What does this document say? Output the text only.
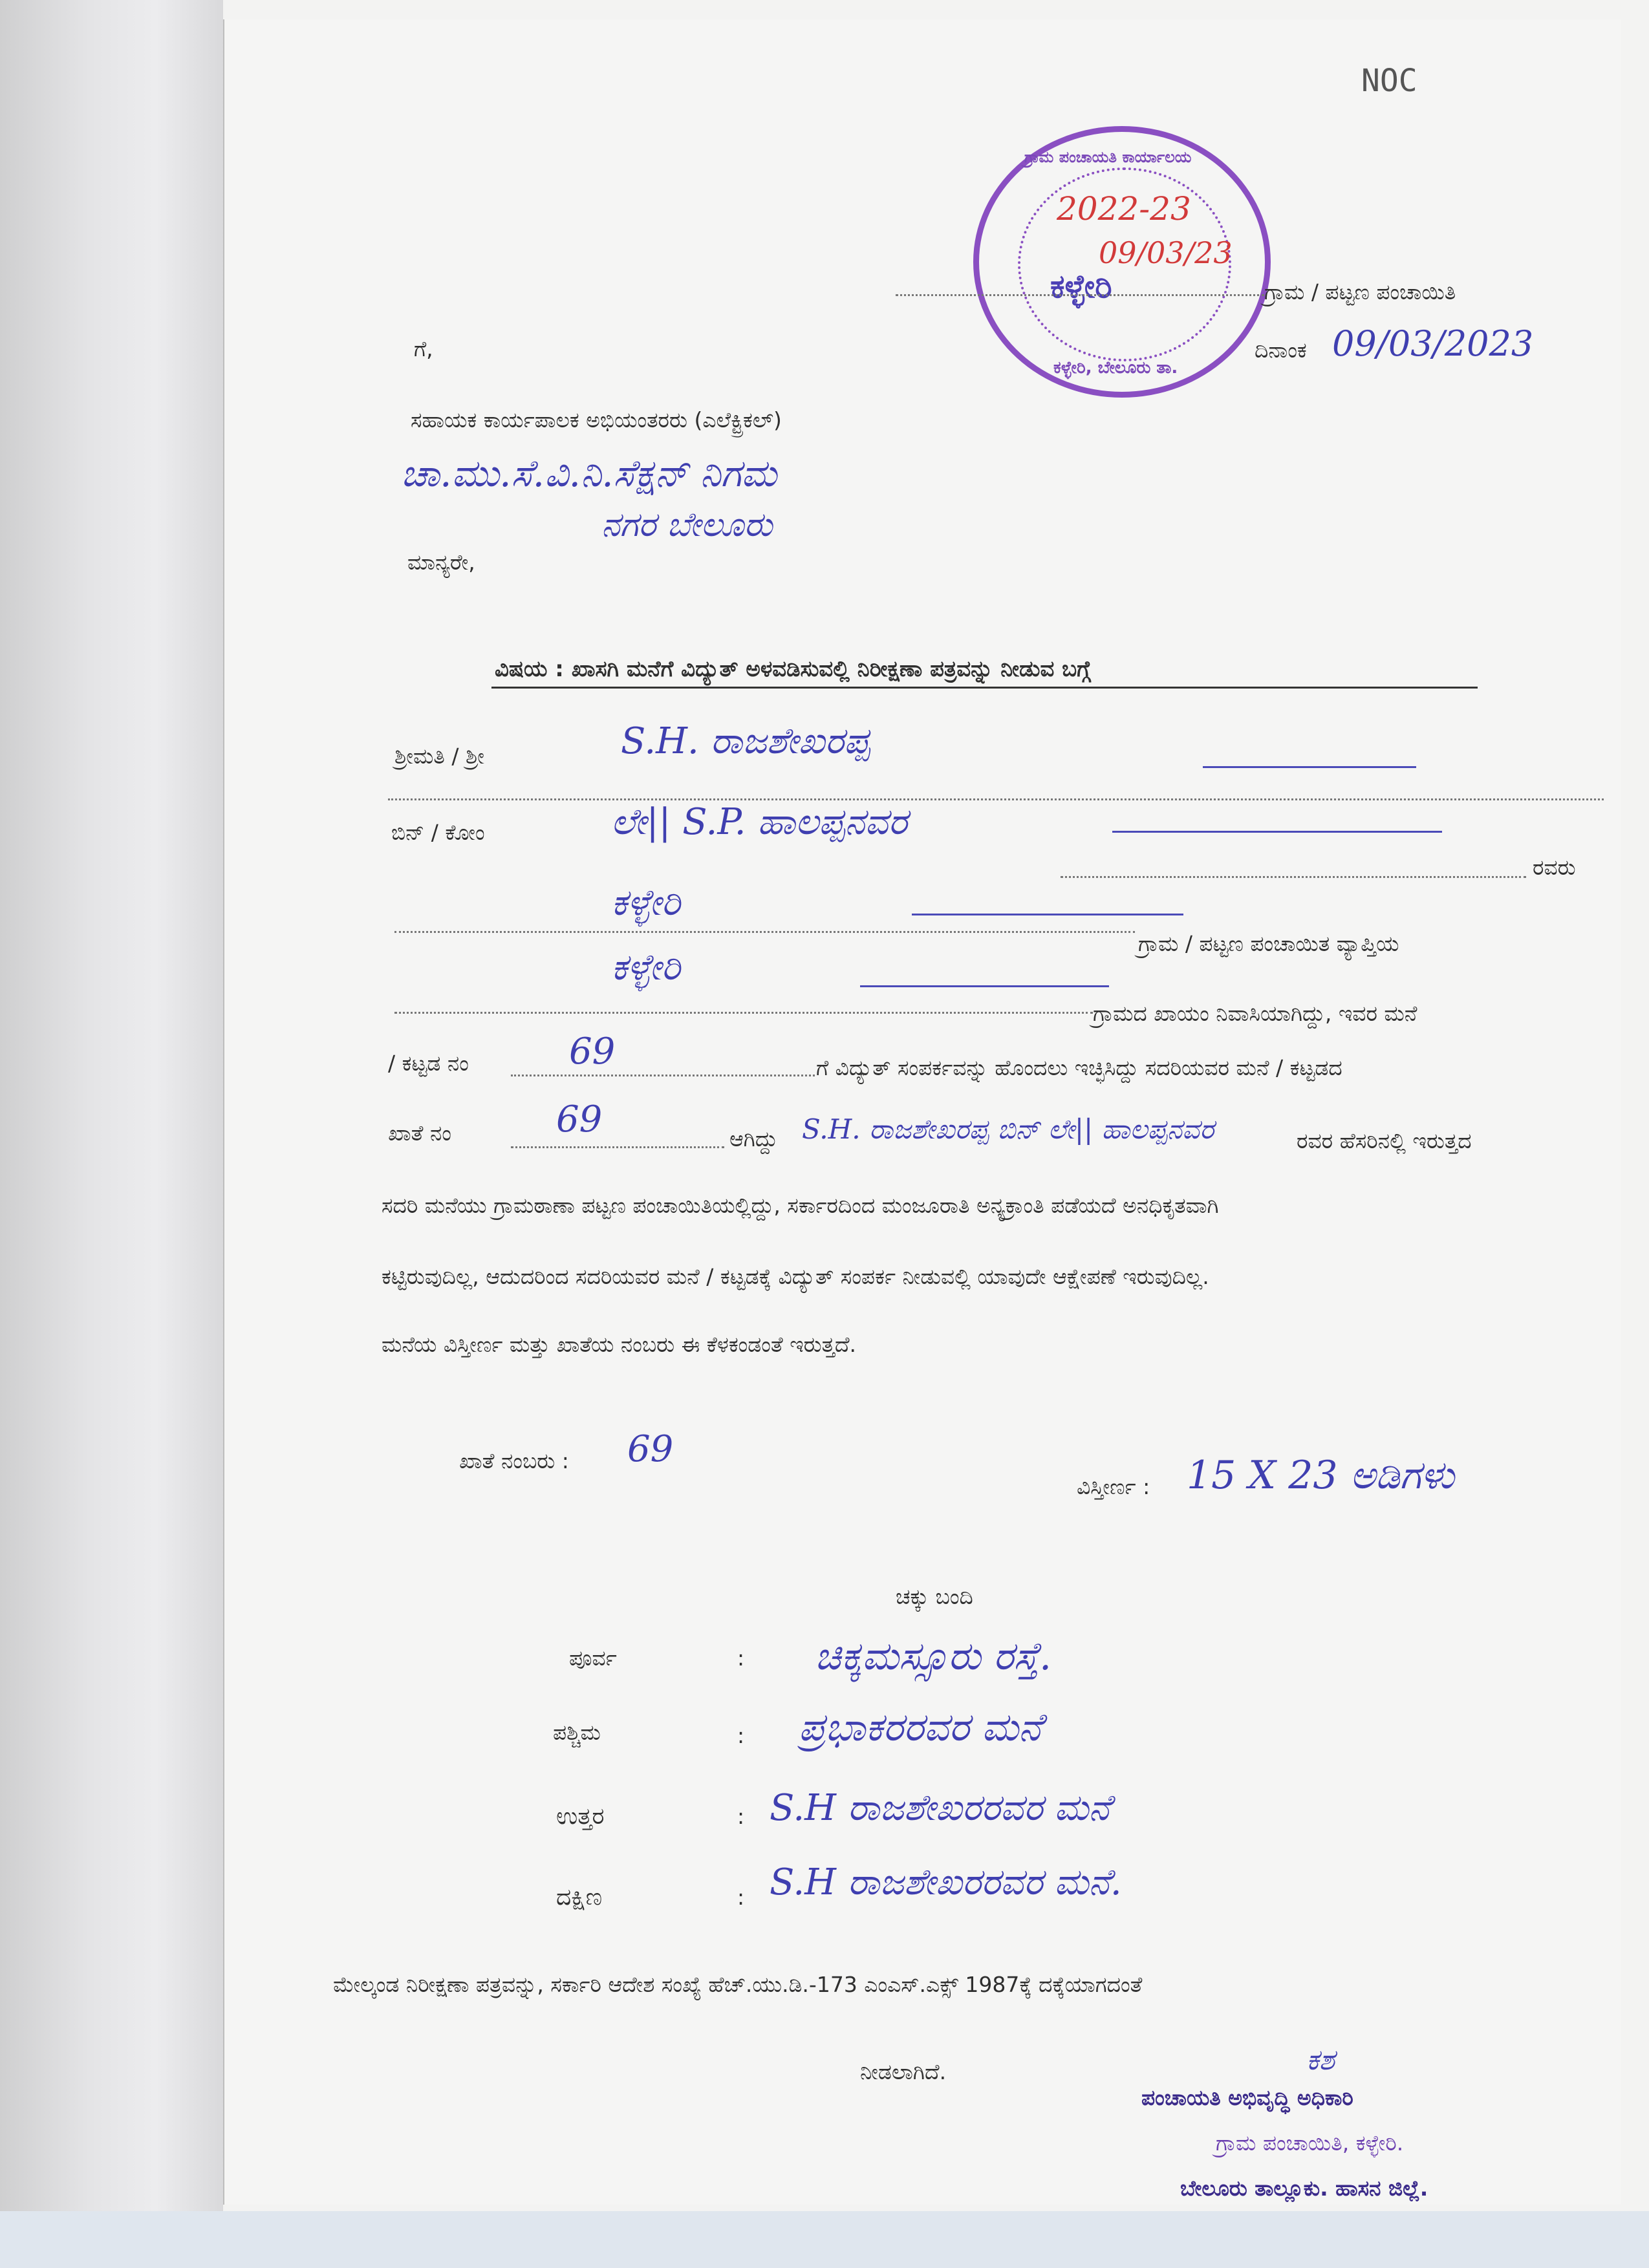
NOC
ಗ್ರಾಮ ಪಂಚಾಯತಿ ಕಾರ್ಯಾಲಯ
ಕಳ್ಳೇರಿ, ಬೇಲೂರು ತಾ.
2022-23
09/03/23
ಕಳ್ಳೇರಿ	ಗ್ರಾಮ / ಪಟ್ಟಣ ಪಂಚಾಯಿತಿ
ದಿನಾಂಕ 09/03/2023
ಗೆ,
ಸಹಾಯಕ ಕಾರ್ಯಪಾಲಕ ಅಭಿಯಂತರರು (ಎಲೆಕ್ಟ್ರಿಕಲ್)
ಚಾ.ಮು.ಸೆ.ವಿ.ನಿ.ಸೆಕ್ಷನ್ ನಿಗಮ
ನಗರ ಬೇಲೂರು
ಮಾನ್ಯರೇ,
ವಿಷಯ : ಖಾಸಗಿ ಮನೆಗೆ ವಿದ್ಯುತ್ ಅಳವಡಿಸುವಲ್ಲಿ ನಿರೀಕ್ಷಣಾ ಪತ್ರವನ್ನು ನೀಡುವ ಬಗ್ಗೆ
ಶ್ರೀಮತಿ / ಶ್ರೀ	S.H. ರಾಜಶೇಖರಪ್ಪ
ಬಿನ್ / ಕೋಂ	ಲೇ|| S.P. ಹಾಲಪ್ಪನವರ
ರವರು
ಕಳ್ಳೇರಿ
ಗ್ರಾಮ / ಪಟ್ಟಣ ಪಂಚಾಯಿತ ವ್ಯಾಪ್ತಿಯ
ಕಳ್ಳೇರಿ
ಗ್ರಾಮದ ಖಾಯಂ ನಿವಾಸಿಯಾಗಿದ್ದು, ಇವರ ಮನೆ
/ ಕಟ್ಟಡ ನಂ	69	ಗೆ ವಿದ್ಯುತ್ ಸಂಪರ್ಕವನ್ನು ಹೊಂದಲು ಇಚ್ಛಿಸಿದ್ದು ಸದರಿಯವರ ಮನೆ / ಕಟ್ಟಡದ
ಖಾತೆ ನಂ	69	ಆಗಿದ್ದು S.H. ರಾಜಶೇಖರಪ್ಪ ಬಿನ್ ಲೇ|| ಹಾಲಪ್ಪನವರ	ರವರ ಹೆಸರಿನಲ್ಲಿ ಇರುತ್ತದ
ಸದರಿ ಮನೆಯು ಗ್ರಾಮಠಾಣಾ ಪಟ್ಟಣ ಪಂಚಾಯಿತಿಯಲ್ಲಿದ್ದು, ಸರ್ಕಾರದಿಂದ ಮಂಜೂರಾತಿ ಅನ್ಯಕ್ರಾಂತಿ ಪಡೆಯದೆ ಅನಧಿಕೃತವಾಗಿ
ಕಟ್ಟಿರುವುದಿಲ್ಲ, ಆದುದರಿಂದ ಸದರಿಯವರ ಮನೆ / ಕಟ್ಟಡಕ್ಕೆ ವಿದ್ಯುತ್ ಸಂಪರ್ಕ ನೀಡುವಲ್ಲಿ ಯಾವುದೇ ಆಕ್ಷೇಪಣೆ ಇರುವುದಿಲ್ಲ.
ಮನೆಯ ವಿಸ್ತೀರ್ಣ ಮತ್ತು ಖಾತೆಯ ನಂಬರು ಈ ಕೆಳಕಂಡಂತೆ ಇರುತ್ತದೆ.
ಖಾತೆ ನಂಬರು : 69
ವಿಸ್ತೀರ್ಣ : 15 X 23 ಅಡಿಗಳು
ಚಕ್ಕು ಬಂದಿ
ಪೂರ್ವ	: ಚಿಕ್ಕಮಸ್ಸೂರು ರಸ್ತೆ.
ಪಶ್ಚಿಮ	: ಪ್ರಭಾಕರರವರ ಮನೆ
ಉತ್ತರ	: S.H ರಾಜಶೇಖರರವರ ಮನೆ
ದಕ್ಷಿಣ	: S.H ರಾಜಶೇಖರರವರ ಮನೆ.
ಮೇಲ್ಕಂಡ ನಿರೀಕ್ಷಣಾ ಪತ್ರವನ್ನು, ಸರ್ಕಾರಿ ಆದೇಶ ಸಂಖ್ಯೆ ಹೆಚ್.ಯು.ಡಿ.-173 ಎಂಎಸ್.ಎಕ್ಸ್ 1987ಕ್ಕೆ ದಕ್ಕೆಯಾಗದಂತೆ
ನೀಡಲಾಗಿದೆ.	ಕಶ
ಪಂಚಾಯತಿ ಅಭಿವೃದ್ಧಿ ಅಧಿಕಾರಿ
ಗ್ರಾಮ ಪಂಚಾಯಿತಿ, ಕಳ್ಳೇರಿ.
ಬೇಲೂರು ತಾಲ್ಲೂಕು. ಹಾಸನ ಜಿಲ್ಲೆ.
